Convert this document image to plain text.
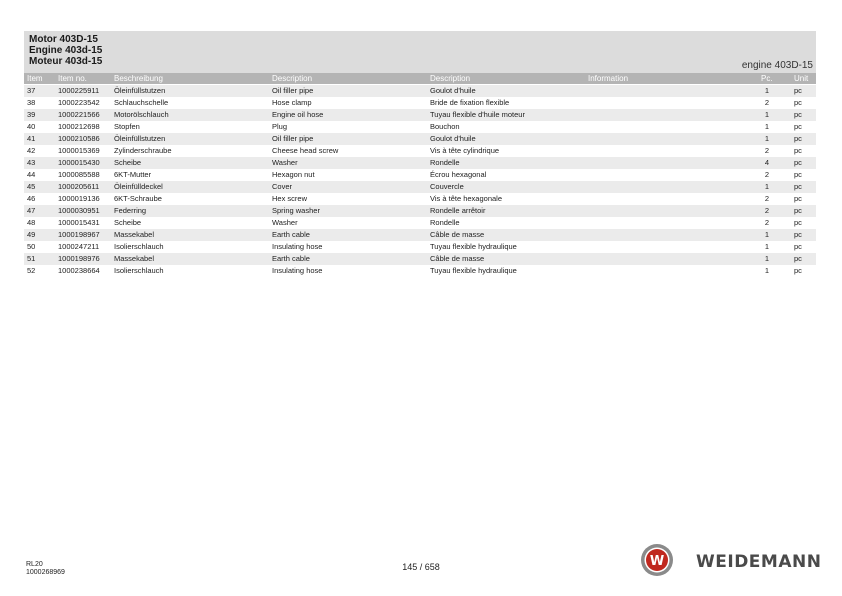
Motor 403D-15
Engine 403d-15
Moteur 403d-15	engine 403D-15
Item Item no.	Beschreibung	Description	Description	Information	Pc.	Unit
37	1000225911 Öleinfüllstutzen	Oil filler pipe	Goulot d'huile	1	pc
38	1000223542 Schlauchschelle	Hose clamp	Bride de fixation flexible	2	pc
39	1000221566 Motorölschlauch	Engine oil hose	Tuyau flexible d'huile moteur	1	pc
40	1000212698 Stopfen	Plug	Bouchon	1	pc
41	1000210586 Öleinfüllstutzen	Oil filler pipe	Goulot d'huile	1	pc
42	1000015369 Zylinderschraube	Cheese head screw	Vis à tête cylindrique	2	pc
43	1000015430 Scheibe	Washer	Rondelle	4	pc
44	1000085588 6KT-Mutter	Hexagon nut	Écrou hexagonal	2	pc
45	1000205611 Öleinfülldeckel	Cover	Couvercle	1	pc
46	1000019136 6KT-Schraube	Hex screw	Vis à tête hexagonale	2	pc
47	1000030951 Federring	Spring washer	Rondelle arrêtoir	2	pc
48	1000015431 Scheibe	Washer	Rondelle	2	pc
49	1000198967 Massekabel	Earth cable	Câble de masse	1	pc
50	1000247211 Isolierschlauch	Insulating hose	Tuyau flexible hydraulique	1	pc
51	1000198976 Massekabel	Earth cable	Câble de masse	1	pc
52	1000238664 Isolierschlauch	Insulating hose	Tuyau flexible hydraulique	1	pc
RL20
1000268969
145 / 658	W WEIDEMANN
